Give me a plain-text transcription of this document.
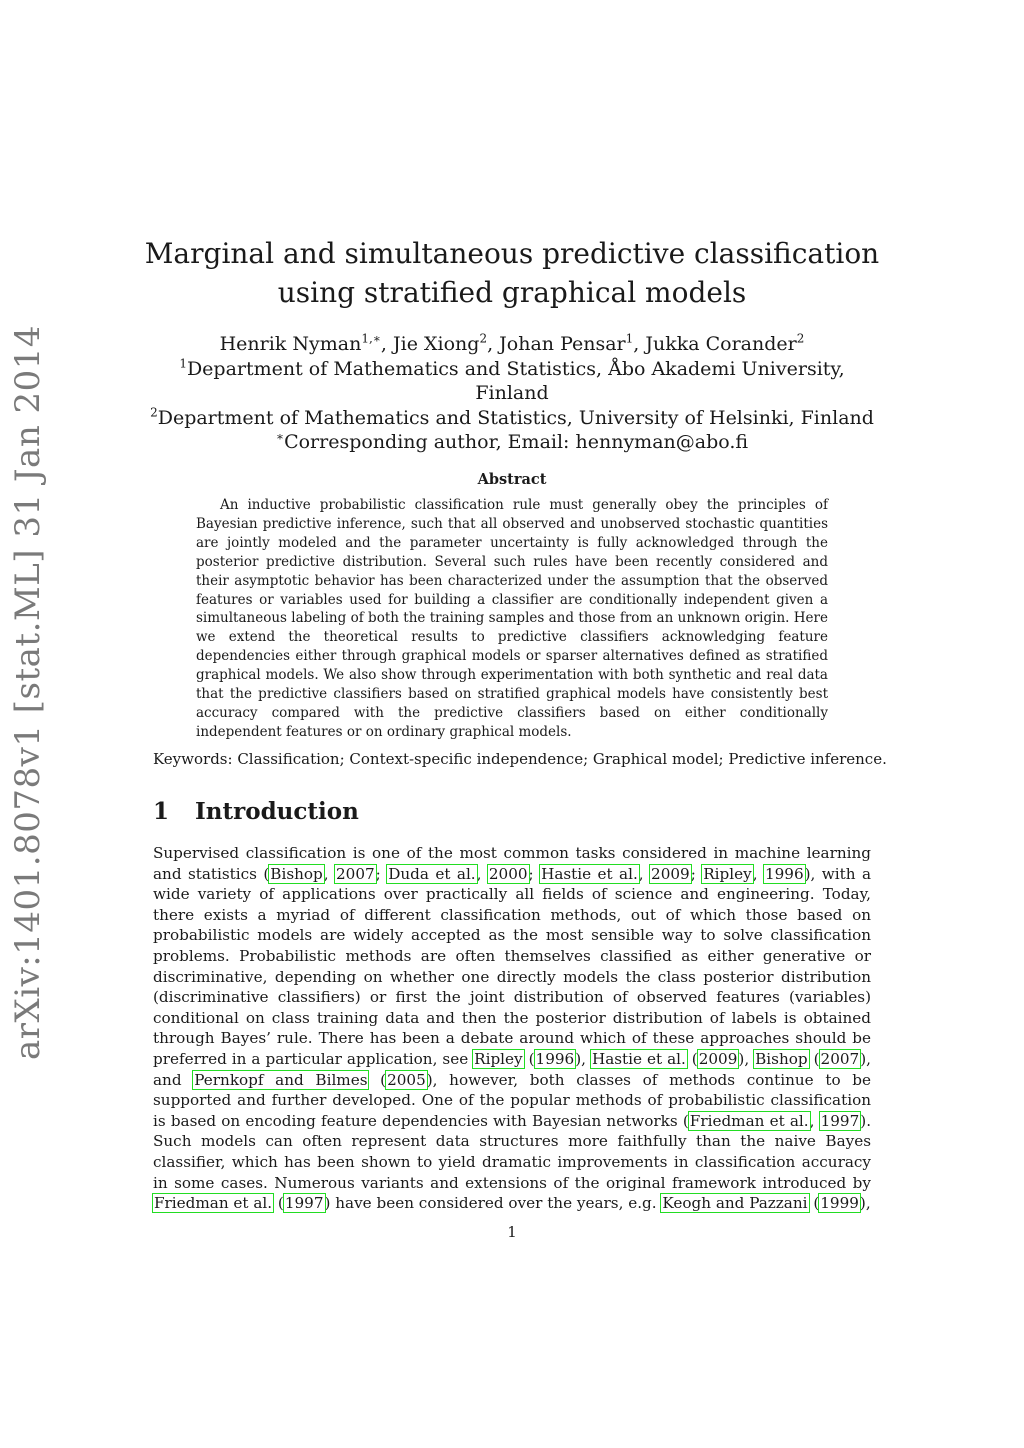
arXiv:1401.8078v1 [stat.ML] 31 Jan 2014
Marginal and simultaneous predictive classification using stratified graphical models
Henrik Nyman$^{1,∗}$, Jie Xiong$^2$, Johan Pensar$^1$, Jukka Corander$^2$
$^1$Department of Mathematics and Statistics, Åbo Akademi University, Finland
$^2$Department of Mathematics and Statistics, University of Helsinki, Finland
∗Corresponding author, Email: hennyman@abo.fi
Abstract
An inductive probabilistic classification rule must generally obey the principles of Bayesian predictive inference, such that all observed and unobserved stochastic quantities are jointly modeled and the parameter uncertainty is fully acknowledged through the posterior predictive distribution. Several such rules have been recently considered and their asymptotic behavior has been characterized under the assumption that the observed features or variables used for building a classifier are conditionally independent given a simultaneous labeling of both the training samples and those from an unknown origin. Here we extend the theoretical results to predictive classifiers acknowledging feature dependencies either through graphical models or sparser alternatives defined as stratified graphical models. We also show through experimentation with both synthetic and real data that the predictive classifiers based on stratified graphical models have consistently best accuracy compared with the predictive classifiers based on either conditionally independent features or on ordinary graphical models.
Keywords: Classification; Context-specific independence; Graphical model; Predictive inference.
1 Introduction
Supervised classification is one of the most common tasks considered in machine learning and statistics (Bishop, 2007; Duda et al., 2000; Hastie et al., 2009; Ripley, 1996), with a wide variety of applications over practically all fields of science and engineering. Today, there exists a myriad of different classification methods, out of which those based on probabilistic models are widely accepted as the most sensible way to solve classification problems. Probabilistic methods are often themselves classified as either generative or discriminative, depending on whether one directly models the class posterior distribution (discriminative classifiers) or first the joint distribution of observed features (variables) conditional on class training data and then the posterior distribution of labels is obtained through Bayes’ rule. There has been a debate around which of these approaches should be preferred in a particular application, see Ripley (1996), Hastie et al. (2009), Bishop (2007), and Pernkopf and Bilmes (2005), however, both classes of methods continue to be supported and further developed. One of the popular methods of probabilistic classification is based on encoding feature dependencies with Bayesian networks (Friedman et al., 1997). Such models can often represent data structures more faithfully than the naive Bayes classifier, which has been shown to yield dramatic improvements in classification accuracy in some cases. Numerous variants and extensions of the original framework introduced by Friedman et al. (1997) have been considered over the years, e.g. Keogh and Pazzani (1999),
1
